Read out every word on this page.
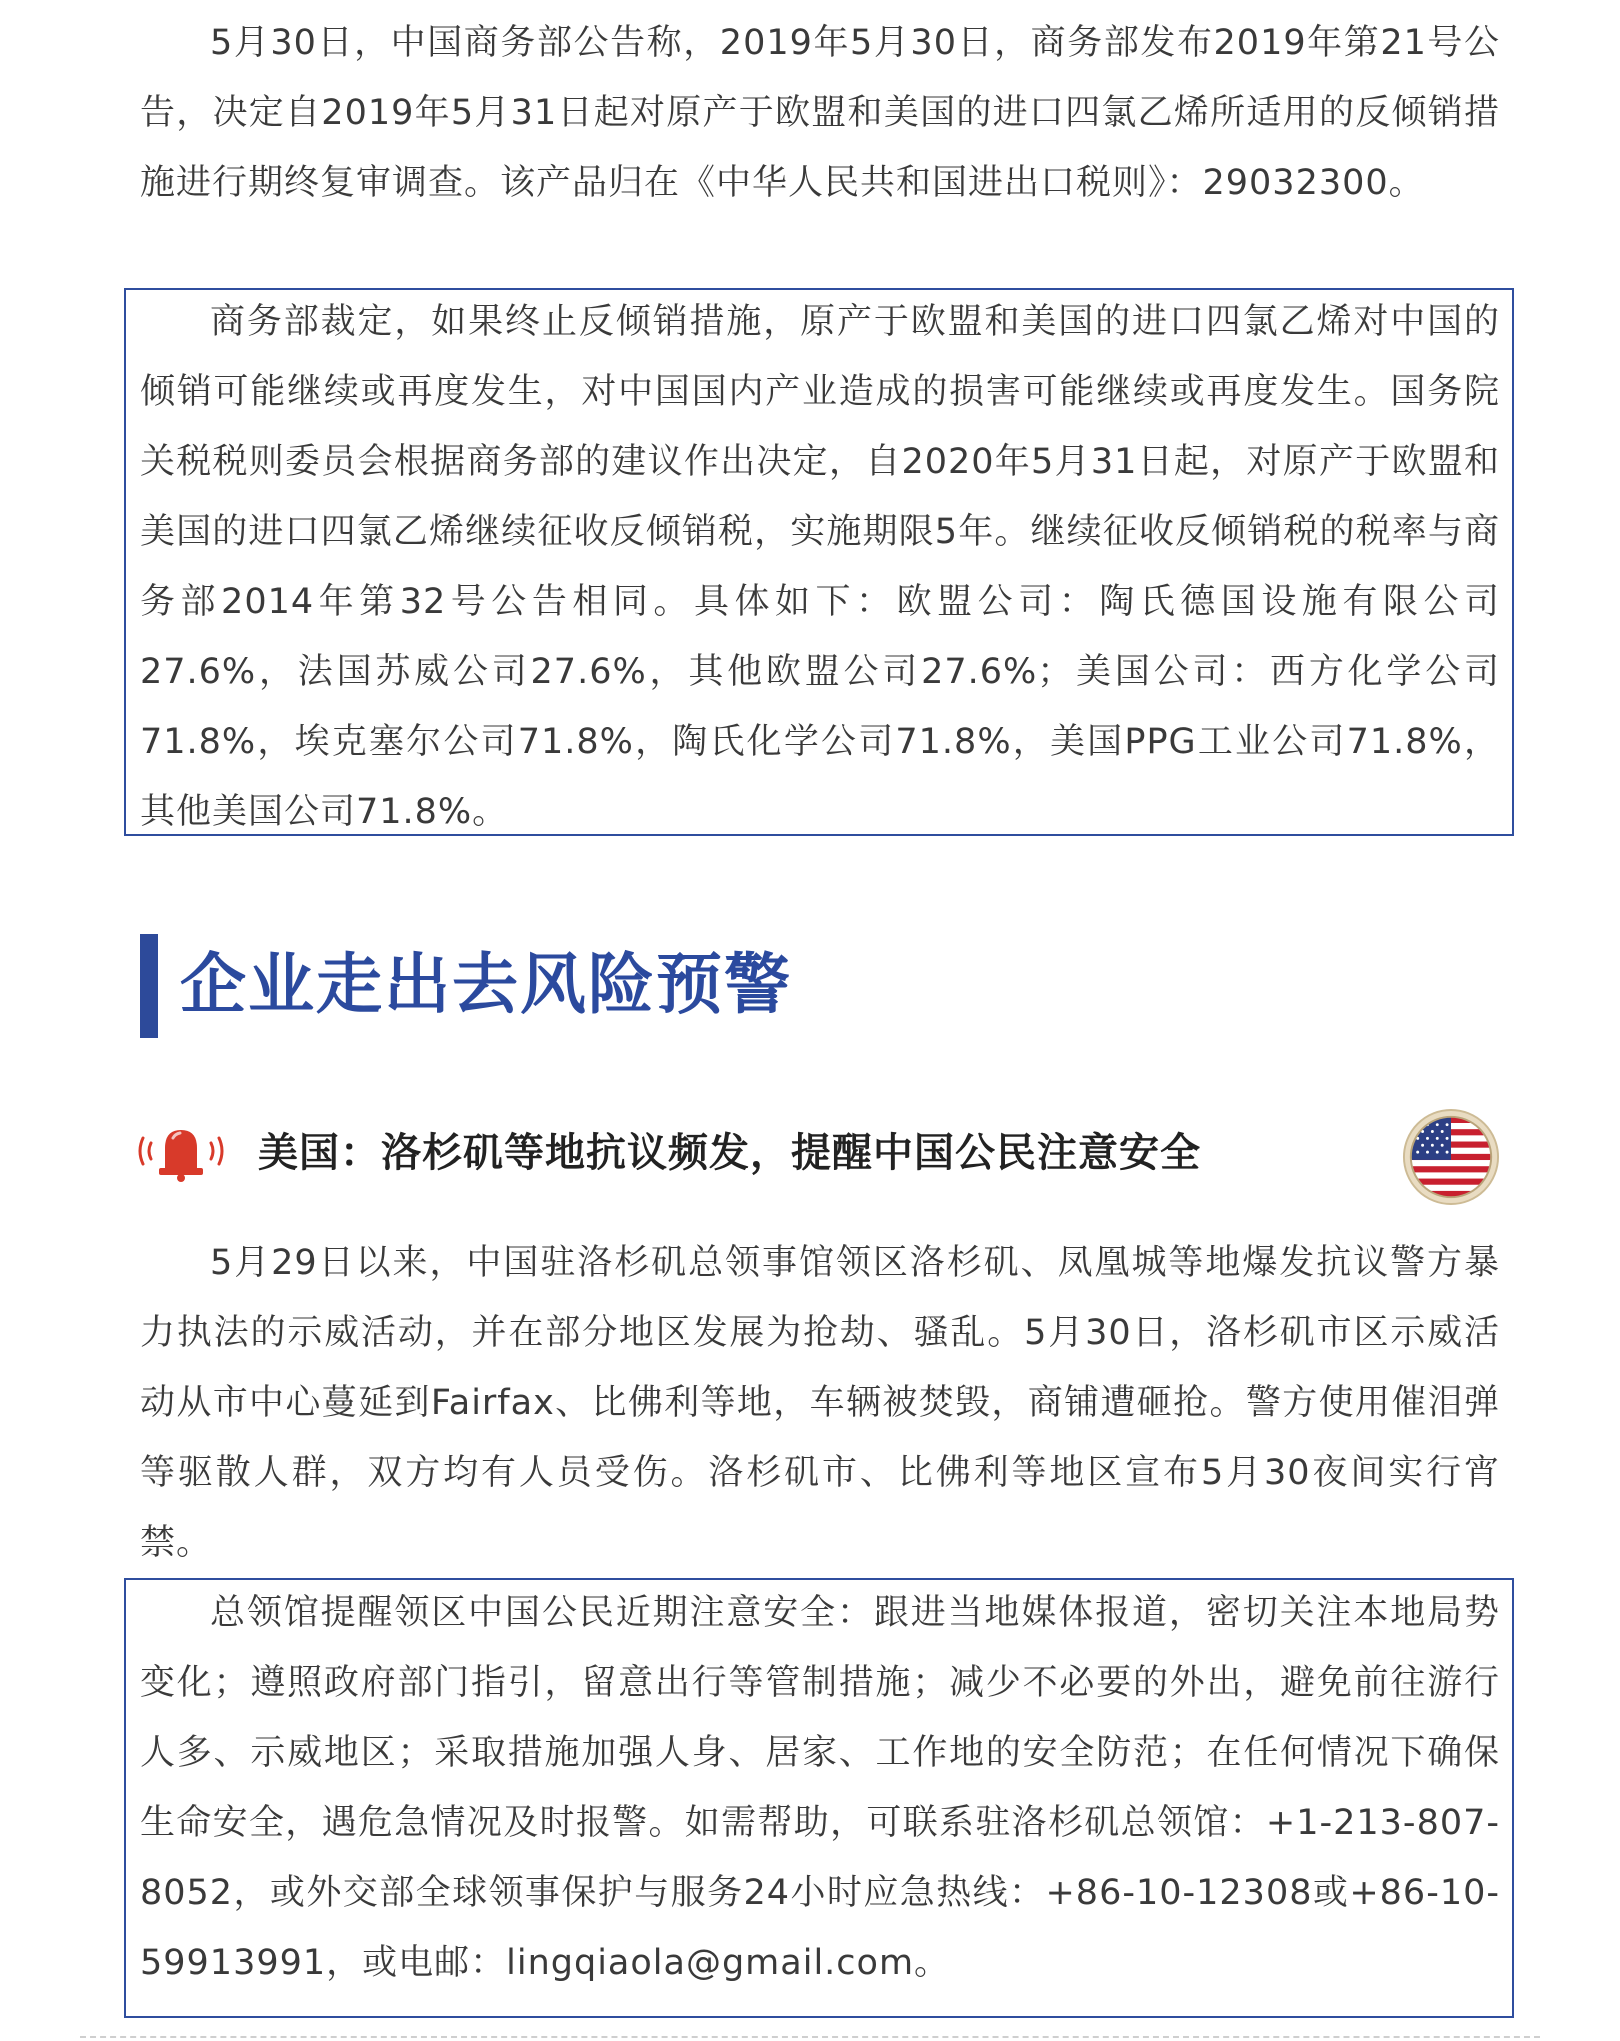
5月30日，中国商务部公告称，2019年5月30日，商务部发布2019年第21号公告，决定自2019年5月31日起对原产于欧盟和美国的进口四氯乙烯所适用的反倾销措施进行期终复审调查。该产品归在《中华人民共和国进出口税则》：29032300。

商务部裁定，如果终止反倾销措施，原产于欧盟和美国的进口四氯乙烯对中国的倾销可能继续或再度发生，对中国国内产业造成的损害可能继续或再度发生。国务院关税税则委员会根据商务部的建议作出决定，自2020年5月31日起，对原产于欧盟和美国的进口四氯乙烯继续征收反倾销税，实施期限5年。继续征收反倾销税的税率与商务部2014年第32号公告相同。具体如下：欧盟公司：陶氏德国设施有限公司27.6%，法国苏威公司27.6%，其他欧盟公司27.6%；美国公司：西方化学公司71.8%，埃克塞尔公司71.8%，陶氏化学公司71.8%，美国PPG工业公司71.8%，其他美国公司71.8%。

企业走出去风险预警
美国：洛杉矶等地抗议频发，提醒中国公民注意安全

5月29日以来，中国驻洛杉矶总领事馆领区洛杉矶、凤凰城等地爆发抗议警方暴力执法的示威活动，并在部分地区发展为抢劫、骚乱。5月30日，洛杉矶市区示威活动从市中心蔓延到Fairfax、比佛利等地，车辆被焚毁，商铺遭砸抢。警方使用催泪弹等驱散人群，双方均有人员受伤。洛杉矶市、比佛利等地区宣布5月30夜间实行宵禁。

总领馆提醒领区中国公民近期注意安全：跟进当地媒体报道，密切关注本地局势变化；遵照政府部门指引，留意出行等管制措施；减少不必要的外出，避免前往游行人多、示威地区；采取措施加强人身、居家、工作地的安全防范；在任何情况下确保生命安全，遇危急情况及时报警。如需帮助，可联系驻洛杉矶总领馆：+1-213-807-8052，或外交部全球领事保护与服务24小时应急热线：+86-10-12308或+86-10-59913991，或电邮：lingqiaola@gmail.com。
